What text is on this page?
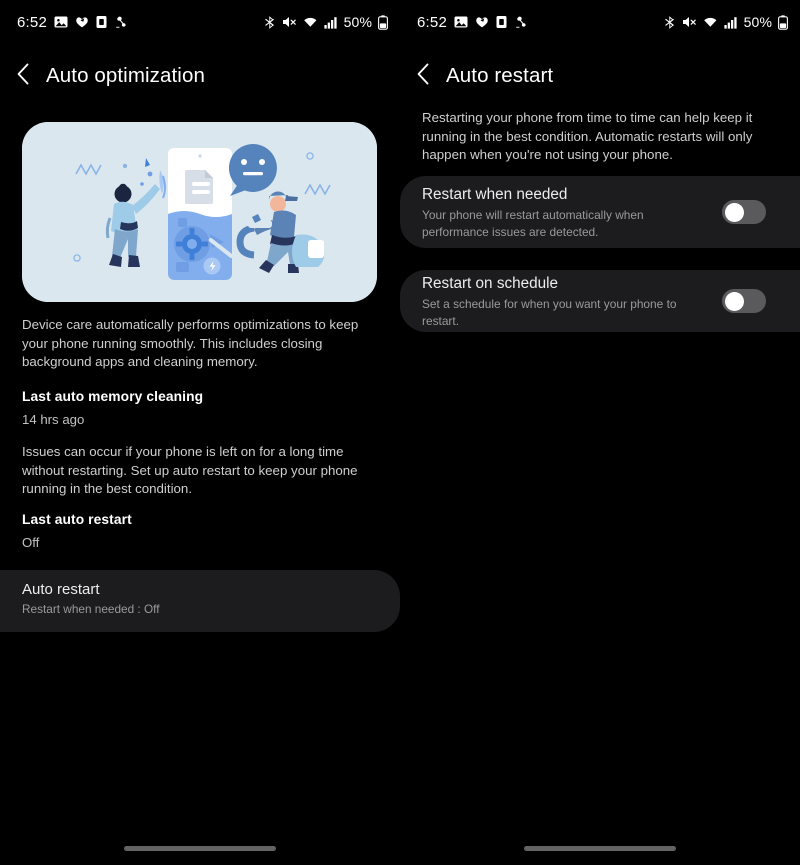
6:52	50%
Auto optimization
Device care automatically performs optimizations to keep your phone running smoothly. This includes closing background apps and cleaning memory.
Last auto memory cleaning
14 hrs ago
Issues can occur if your phone is left on for a long time without restarting. Set up auto restart to keep your phone running in the best condition.
Last auto restart
Off
Auto restart
Restart when needed : Off
6:52	50%
Auto restart
Restarting your phone from time to time can help keep it running in the best condition. Automatic restarts will only happen when you're not using your phone.
Restart when needed
Your phone will restart automatically when performance issues are detected.
Restart on schedule
Set a schedule for when you want your phone to restart.
